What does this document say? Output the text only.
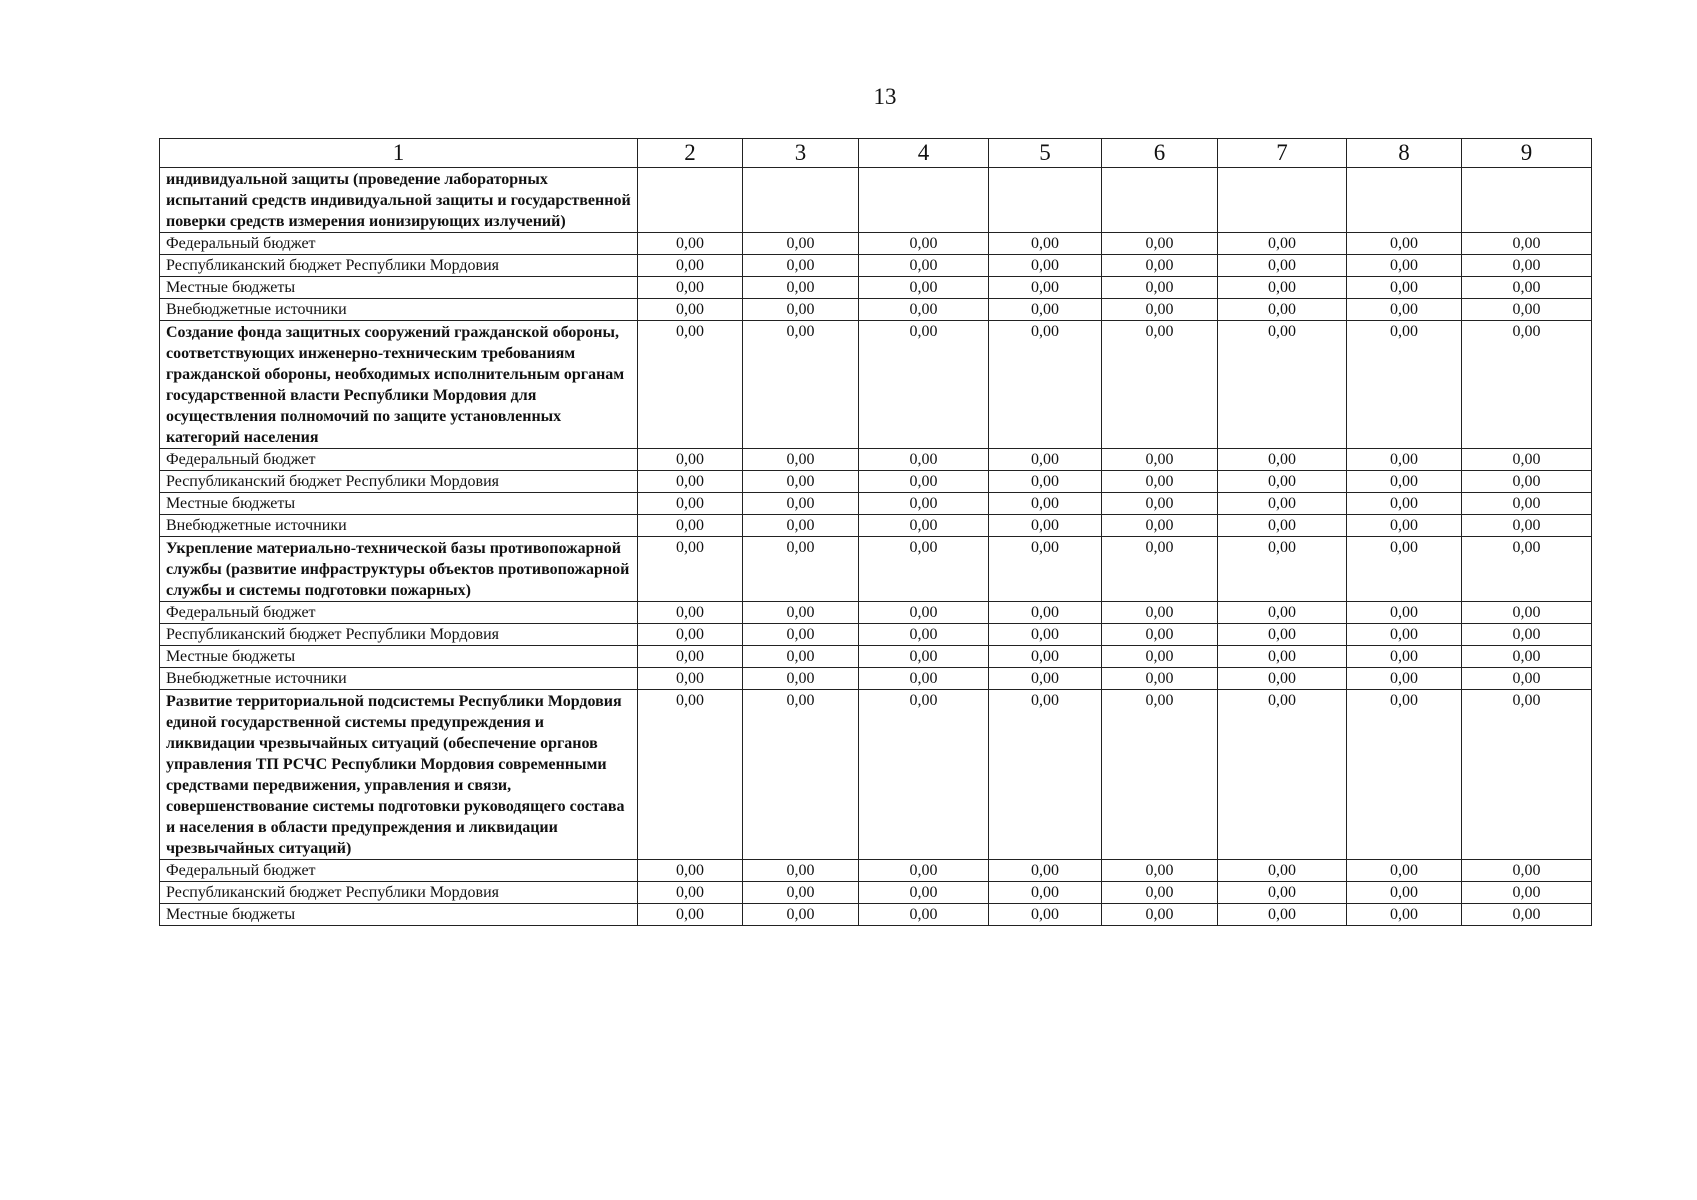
13
1	2	3	4	5	6	7	8	9
индивидуальной защиты (проведение лабораторных испытаний средств индивидуальной защиты и государственной поверки средств измерения ионизирующих излучений)								
Федеральный бюджет	0,00	0,00	0,00	0,00	0,00	0,00	0,00	0,00
Республиканский бюджет Республики Мордовия	0,00	0,00	0,00	0,00	0,00	0,00	0,00	0,00
Местные бюджеты	0,00	0,00	0,00	0,00	0,00	0,00	0,00	0,00
Внебюджетные источники	0,00	0,00	0,00	0,00	0,00	0,00	0,00	0,00
Создание фонда защитных сооружений гражданской обороны, соответствующих инженерно-техническим требованиям гражданской обороны, необходимых исполнительным органам государственной власти Республики Мордовия для осуществления полномочий по защите установленных категорий населения	0,00	0,00	0,00	0,00	0,00	0,00	0,00	0,00
Федеральный бюджет	0,00	0,00	0,00	0,00	0,00	0,00	0,00	0,00
Республиканский бюджет Республики Мордовия	0,00	0,00	0,00	0,00	0,00	0,00	0,00	0,00
Местные бюджеты	0,00	0,00	0,00	0,00	0,00	0,00	0,00	0,00
Внебюджетные источники	0,00	0,00	0,00	0,00	0,00	0,00	0,00	0,00
Укрепление материально-технической базы противопожарной службы (развитие инфраструктуры объектов противопожарной службы и системы подготовки пожарных)	0,00	0,00	0,00	0,00	0,00	0,00	0,00	0,00
Федеральный бюджет	0,00	0,00	0,00	0,00	0,00	0,00	0,00	0,00
Республиканский бюджет Республики Мордовия	0,00	0,00	0,00	0,00	0,00	0,00	0,00	0,00
Местные бюджеты	0,00	0,00	0,00	0,00	0,00	0,00	0,00	0,00
Внебюджетные источники	0,00	0,00	0,00	0,00	0,00	0,00	0,00	0,00
Развитие территориальной подсистемы Республики Мордовия единой государственной системы предупреждения и ликвидации чрезвычайных ситуаций (обеспечение органов управления ТП РСЧС Республики Мордовия современными средствами передвижения, управления и связи, совершенствование системы подготовки руководящего состава и населения в области предупреждения и ликвидации чрезвычайных ситуаций)	0,00	0,00	0,00	0,00	0,00	0,00	0,00	0,00
Федеральный бюджет	0,00	0,00	0,00	0,00	0,00	0,00	0,00	0,00
Республиканский бюджет Республики Мордовия	0,00	0,00	0,00	0,00	0,00	0,00	0,00	0,00
Местные бюджеты	0,00	0,00	0,00	0,00	0,00	0,00	0,00	0,00
